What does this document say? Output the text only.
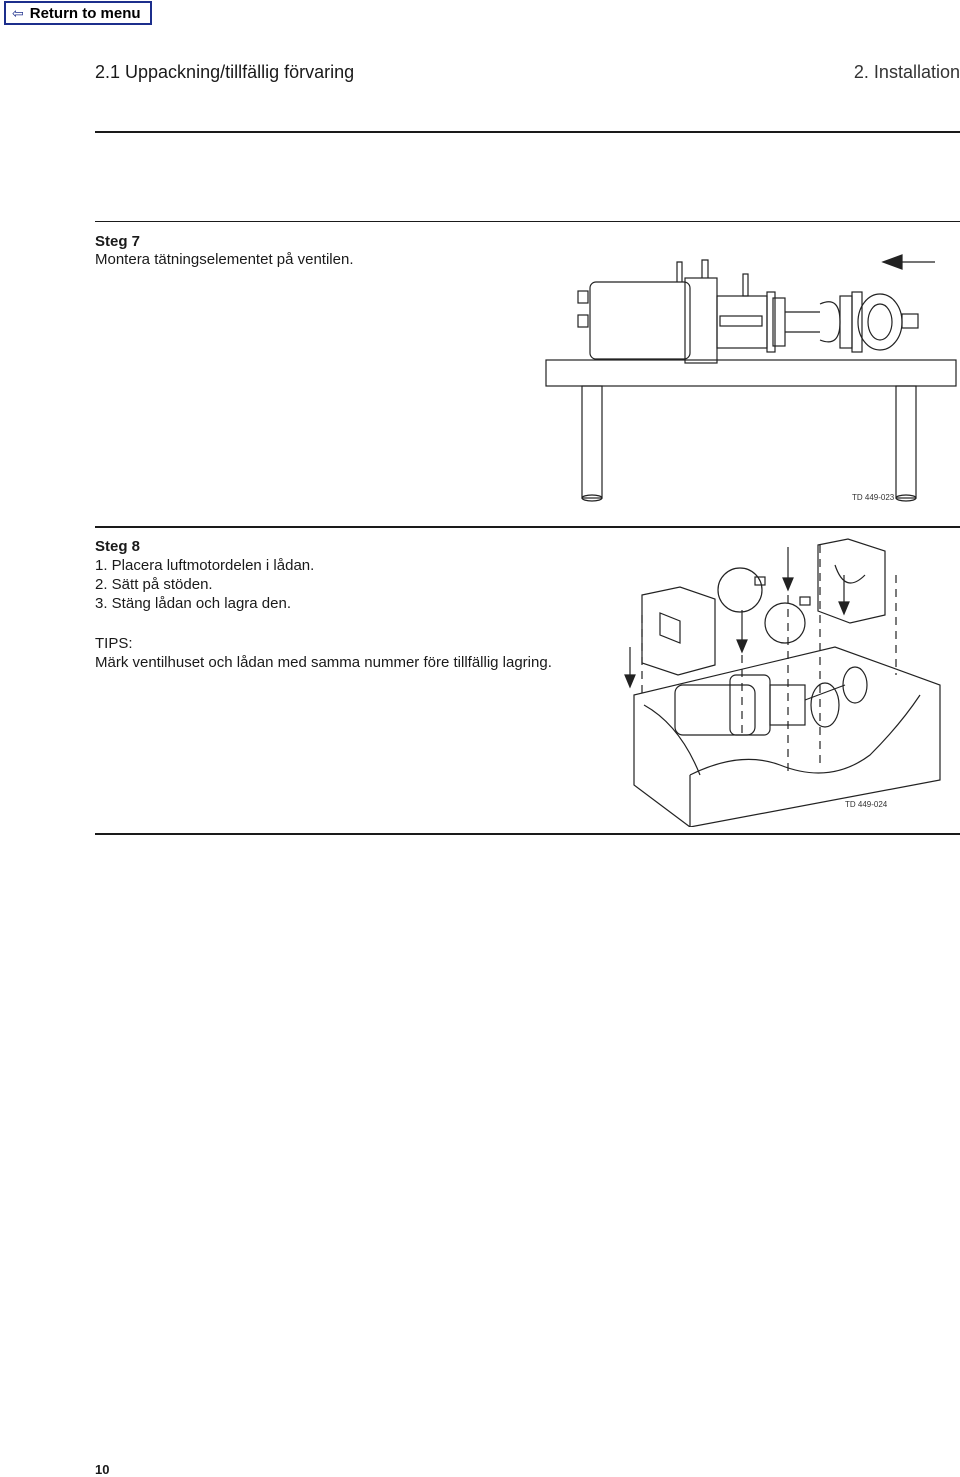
⇦ Return to menu
2.1 Uppackning/tillfällig förvaring	2. Installation
Steg 7
Montera tätningselementet på ventilen.
TD 449-023
Steg 8
1. Placera luftmotordelen i lådan.
2. Sätt på stöden.
3. Stäng lådan och lagra den.
TIPS:
Märk ventilhuset och lådan med samma nummer före tillfällig lagring.
TD 449-024
10
